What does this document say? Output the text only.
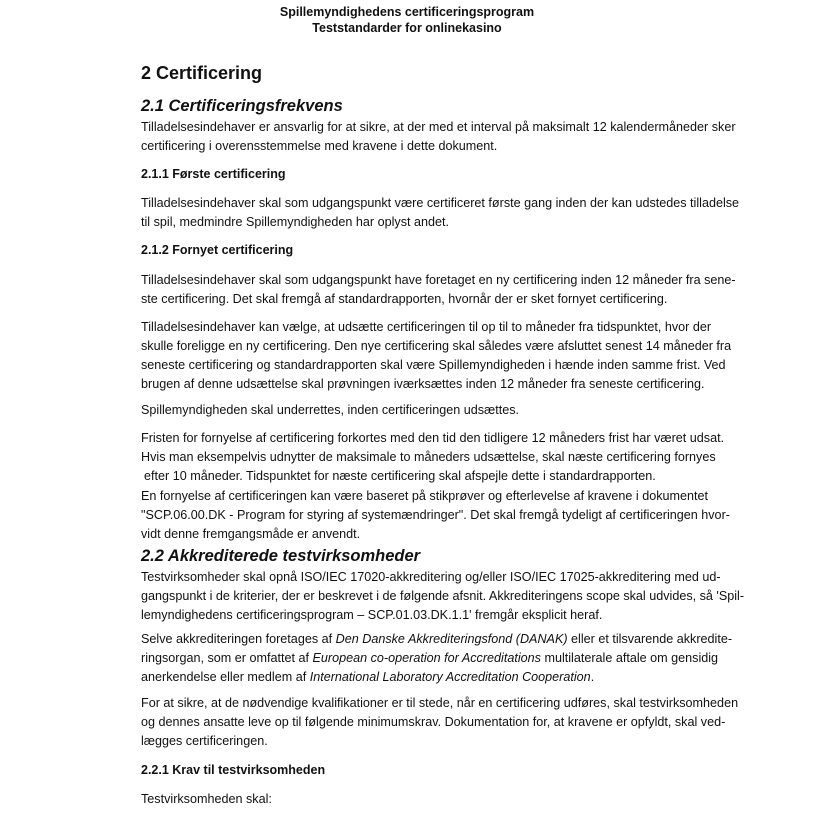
Spillemyndighedens certificeringsprogram
Teststandarder for onlinekasino
2 Certificering
2.1 Certificeringsfrekvens
Tilladelsesindehaver er ansvarlig for at sikre, at der med et interval på maksimalt 12 kalendermåneder sker
certificering i overensstemmelse med kravene i dette dokument.
2.1.1 Første certificering
Tilladelsesindehaver skal som udgangspunkt være certificeret første gang inden der kan udstedes tilladelse
til spil, medmindre Spillemyndigheden har oplyst andet.
2.1.2 Fornyet certificering
Tilladelsesindehaver skal som udgangspunkt have foretaget en ny certificering inden 12 måneder fra sene-
ste certificering. Det skal fremgå af standardrapporten, hvornår der er sket fornyet certificering.
Tilladelsesindehaver kan vælge, at udsætte certificeringen til op til to måneder fra tidspunktet, hvor der
skulle foreligge en ny certificering. Den nye certificering skal således være afsluttet senest 14 måneder fra
seneste certificering og standardrapporten skal være Spillemyndigheden i hænde inden samme frist. Ved
brugen af denne udsættelse skal prøvningen iværksættes inden 12 måneder fra seneste certificering.
Spillemyndigheden skal underrettes, inden certificeringen udsættes.
Fristen for fornyelse af certificering forkortes med den tid den tidligere 12 måneders frist har været udsat.
Hvis man eksempelvis udnytter de maksimale to måneders udsættelse, skal næste certificering fornyes
efter 10 måneder. Tidspunktet for næste certificering skal afspejle dette i standardrapporten.
En fornyelse af certificeringen kan være baseret på stikprøver og efterlevelse af kravene i dokumentet
"SCP.06.00.DK - Program for styring af systemændringer". Det skal fremgå tydeligt af certificeringen hvor-
vidt denne fremgangsmåde er anvendt.
2.2 Akkrediterede testvirksomheder
Testvirksomheder skal opnå ISO/IEC 17020-akkreditering og/eller ISO/IEC 17025-akkreditering med ud-
gangspunkt i de kriterier, der er beskrevet i de følgende afsnit. Akkrediteringens scope skal udvides, så 'Spil-
lemyndighedens certificeringsprogram – SCP.01.03.DK.1.1' fremgår eksplicit heraf.
Selve akkrediteringen foretages af Den Danske Akkrediteringsfond (DANAK) eller et tilsvarende akkredite-
ringsorgan, som er omfattet af European co-operation for Accreditations multilaterale aftale om gensidig
anerkendelse eller medlem af International Laboratory Accreditation Cooperation.
For at sikre, at de nødvendige kvalifikationer er til stede, når en certificering udføres, skal testvirksomheden
og dennes ansatte leve op til følgende minimumskrav. Dokumentation for, at kravene er opfyldt, skal ved-
lægges certificeringen.
2.2.1 Krav til testvirksomheden
Testvirksomheden skal:
